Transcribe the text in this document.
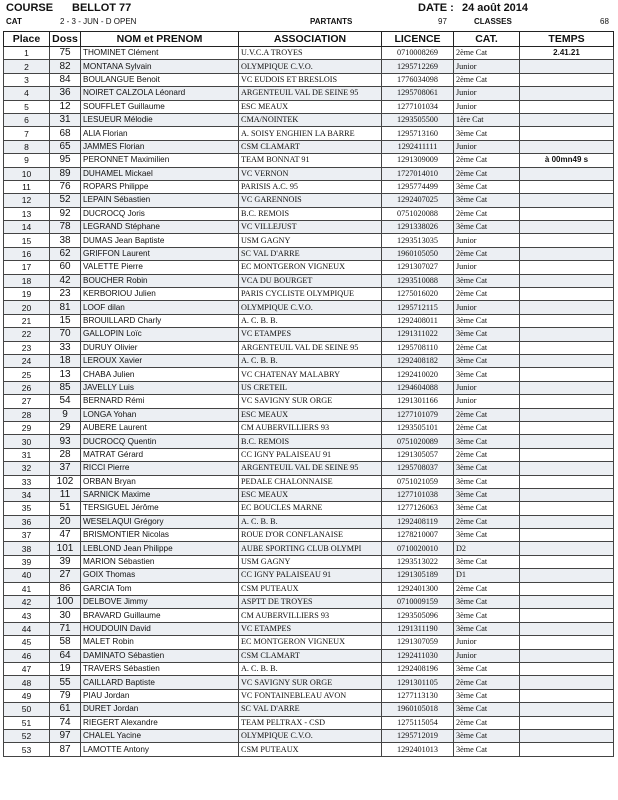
COURSE BELLOT 77	DATE : 24 août 2014
CAT	2 - 3 - JUN - D OPEN	PARTANTS	97	CLASSES	68
Place	Doss	NOM et PRENOM	ASSOCIATION	LICENCE	CAT.	TEMPS
1	75	THOMINET Clément	U.V.C.A TROYES	0710008269	2ème Cat	2.41.21
2	82	MONTANA Sylvain	OLYMPIQUE C.V.O.	1295712269	Junior	
3	84	BOULANGUE Benoit	VC EUDOIS ET BRESLOIS	1776034098	2ème Cat	
4	36	NOIRET CALZOLA Léonard	ARGENTEUIL VAL DE SEINE 95	1295708061	Junior	
5	12	SOUFFLET Guillaume	ESC MEAUX	1277101034	Junior	
6	31	LESUEUR Mélodie	CMA/NOINTEK	1293505500	1ère Cat	
7	68	ALIA Florian	A. SOISY ENGHIEN LA BARRE	1295713160	3ème Cat	
8	65	JAMMES Florian	CSM CLAMART	1292411111	Junior	
9	95	PERONNET Maximilien	TEAM BONNAT 91	1291309009	2ème Cat	à 00mn49 s
10	89	DUHAMEL Mickael	VC VERNON	1727014010	2ème Cat	
11	76	ROPARS Philippe	PARISIS A.C. 95	1295774499	3ème Cat	
12	52	LEPAIN Sébastien	VC GARENNOIS	1292407025	3ème Cat	
13	92	DUCROCQ Joris	B.C. REMOIS	0751020088	2ème Cat	
14	78	LEGRAND Stéphane	VC VILLEJUST	1291338026	3ème Cat	
15	38	DUMAS Jean Baptiste	USM GAGNY	1293513035	Junior	
16	62	GRIFFON Laurent	SC VAL D'ARRE	1960105050	2ème Cat	
17	60	VALETTE Pierre	EC MONTGERON VIGNEUX	1291307027	Junior	
18	42	BOUCHER Robin	VCA DU BOURGET	1293510088	3ème Cat	
19	23	KERBORIOU Julien	PARIS CYCLISTE OLYMPIQUE	1275016020	2ème Cat	
20	81	LOOF dilan	OLYMPIQUE C.V.O.	1295712115	Junior	
21	15	BROUILLARD Charly	A. C. B. B.	1292408011	3ème Cat	
22	70	GALLOPIN Loïc	VC ETAMPES	1291311022	3ème Cat	
23	33	DURUY Olivier	ARGENTEUIL VAL DE SEINE 95	1295708110	2ème Cat	
24	18	LEROUX Xavier	A. C. B. B.	1292408182	3ème Cat	
25	13	CHABA Julien	VC CHATENAY MALABRY	1292410020	3ème Cat	
26	85	JAVELLY Luis	US CRETEIL	1294604088	Junior	
27	54	BERNARD Rémi	VC SAVIGNY SUR ORGE	1291301166	Junior	
28	9	LONGA Yohan	ESC MEAUX	1277101079	2ème Cat	
29	29	AUBERE Laurent	CM AUBERVILLIERS 93	1293505101	2ème Cat	
30	93	DUCROCQ Quentin	B.C. REMOIS	0751020089	3ème Cat	
31	28	MATRAT Gérard	CC IGNY PALAISEAU 91	1291305057	2ème Cat	
32	37	RICCI Pierre	ARGENTEUIL VAL DE SEINE 95	1295708037	3ème Cat	
33	102	ORBAN Bryan	PEDALE CHALONNAISE	0751021059	3ème Cat	
34	11	SARNICK Maxime	ESC MEAUX	1277101038	3ème Cat	
35	51	TERSIGUEL Jérôme	EC BOUCLES MARNE	1277126063	3ème Cat	
36	20	WESELAQUI Grégory	A. C. B. B.	1292408119	2ème Cat	
37	47	BRISMONTIER Nicolas	ROUE D'OR CONFLANAISE	1278210007	3ème Cat	
38	101	LEBLOND Jean Philippe	AUBE SPORTING CLUB OLYMPI	0710020010	D2	
39	39	MARION Sébastien	USM GAGNY	1293513022	3ème Cat	
40	27	GOIX Thomas	CC IGNY PALAISEAU 91	1291305189	D1	
41	86	GARCIA Tom	CSM PUTEAUX	1292401300	2ème Cat	
42	100	DELBOVE Jimmy	ASPTT DE TROYES	0710009159	3ème Cat	
43	30	BRAVARD Guillaume	CM AUBERVILLIERS 93	1293505096	3ème Cat	
44	71	HOUDOUIN David	VC ETAMPES	1291311190	3ème Cat	
45	58	MALET Robin	EC MONTGERON VIGNEUX	1291307059	Junior	
46	64	DAMINATO Sébastien	CSM CLAMART	1292411030	Junior	
47	19	TRAVERS Sébastien	A. C. B. B.	1292408196	3ème Cat	
48	55	CAILLARD Baptiste	VC SAVIGNY SUR ORGE	1291301105	2ème Cat	
49	79	PIAU Jordan	VC FONTAINEBLEAU AVON	1277113130	3ème Cat	
50	61	DURET Jordan	SC VAL D'ARRE	1960105018	3ème Cat	
51	74	RIEGERT Alexandre	TEAM PELTRAX - CSD	1275115054	2ème Cat	
52	97	CHALEL Yacine	OLYMPIQUE C.V.O.	1295712019	3ème Cat	
53	87	LAMOTTE Antony	CSM PUTEAUX	1292401013	3ème Cat	
